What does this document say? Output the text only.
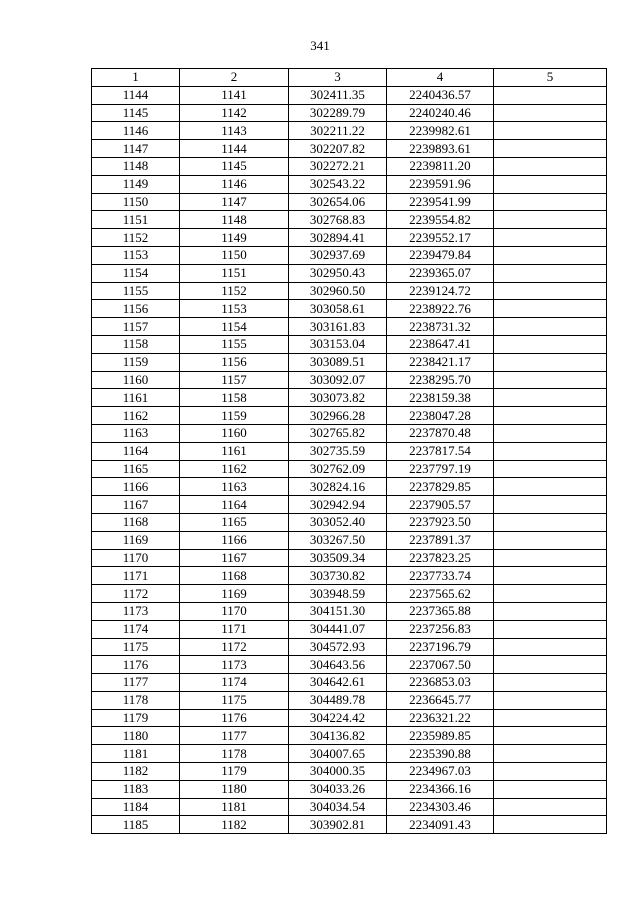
341
1	2	3	4	5
1144	1141	302411.35	2240436.57	
1145	1142	302289.79	2240240.46	
1146	1143	302211.22	2239982.61	
1147	1144	302207.82	2239893.61	
1148	1145	302272.21	2239811.20	
1149	1146	302543.22	2239591.96	
1150	1147	302654.06	2239541.99	
1151	1148	302768.83	2239554.82	
1152	1149	302894.41	2239552.17	
1153	1150	302937.69	2239479.84	
1154	1151	302950.43	2239365.07	
1155	1152	302960.50	2239124.72	
1156	1153	303058.61	2238922.76	
1157	1154	303161.83	2238731.32	
1158	1155	303153.04	2238647.41	
1159	1156	303089.51	2238421.17	
1160	1157	303092.07	2238295.70	
1161	1158	303073.82	2238159.38	
1162	1159	302966.28	2238047.28	
1163	1160	302765.82	2237870.48	
1164	1161	302735.59	2237817.54	
1165	1162	302762.09	2237797.19	
1166	1163	302824.16	2237829.85	
1167	1164	302942.94	2237905.57	
1168	1165	303052.40	2237923.50	
1169	1166	303267.50	2237891.37	
1170	1167	303509.34	2237823.25	
1171	1168	303730.82	2237733.74	
1172	1169	303948.59	2237565.62	
1173	1170	304151.30	2237365.88	
1174	1171	304441.07	2237256.83	
1175	1172	304572.93	2237196.79	
1176	1173	304643.56	2237067.50	
1177	1174	304642.61	2236853.03	
1178	1175	304489.78	2236645.77	
1179	1176	304224.42	2236321.22	
1180	1177	304136.82	2235989.85	
1181	1178	304007.65	2235390.88	
1182	1179	304000.35	2234967.03	
1183	1180	304033.26	2234366.16	
1184	1181	304034.54	2234303.46	
1185	1182	303902.81	2234091.43	
